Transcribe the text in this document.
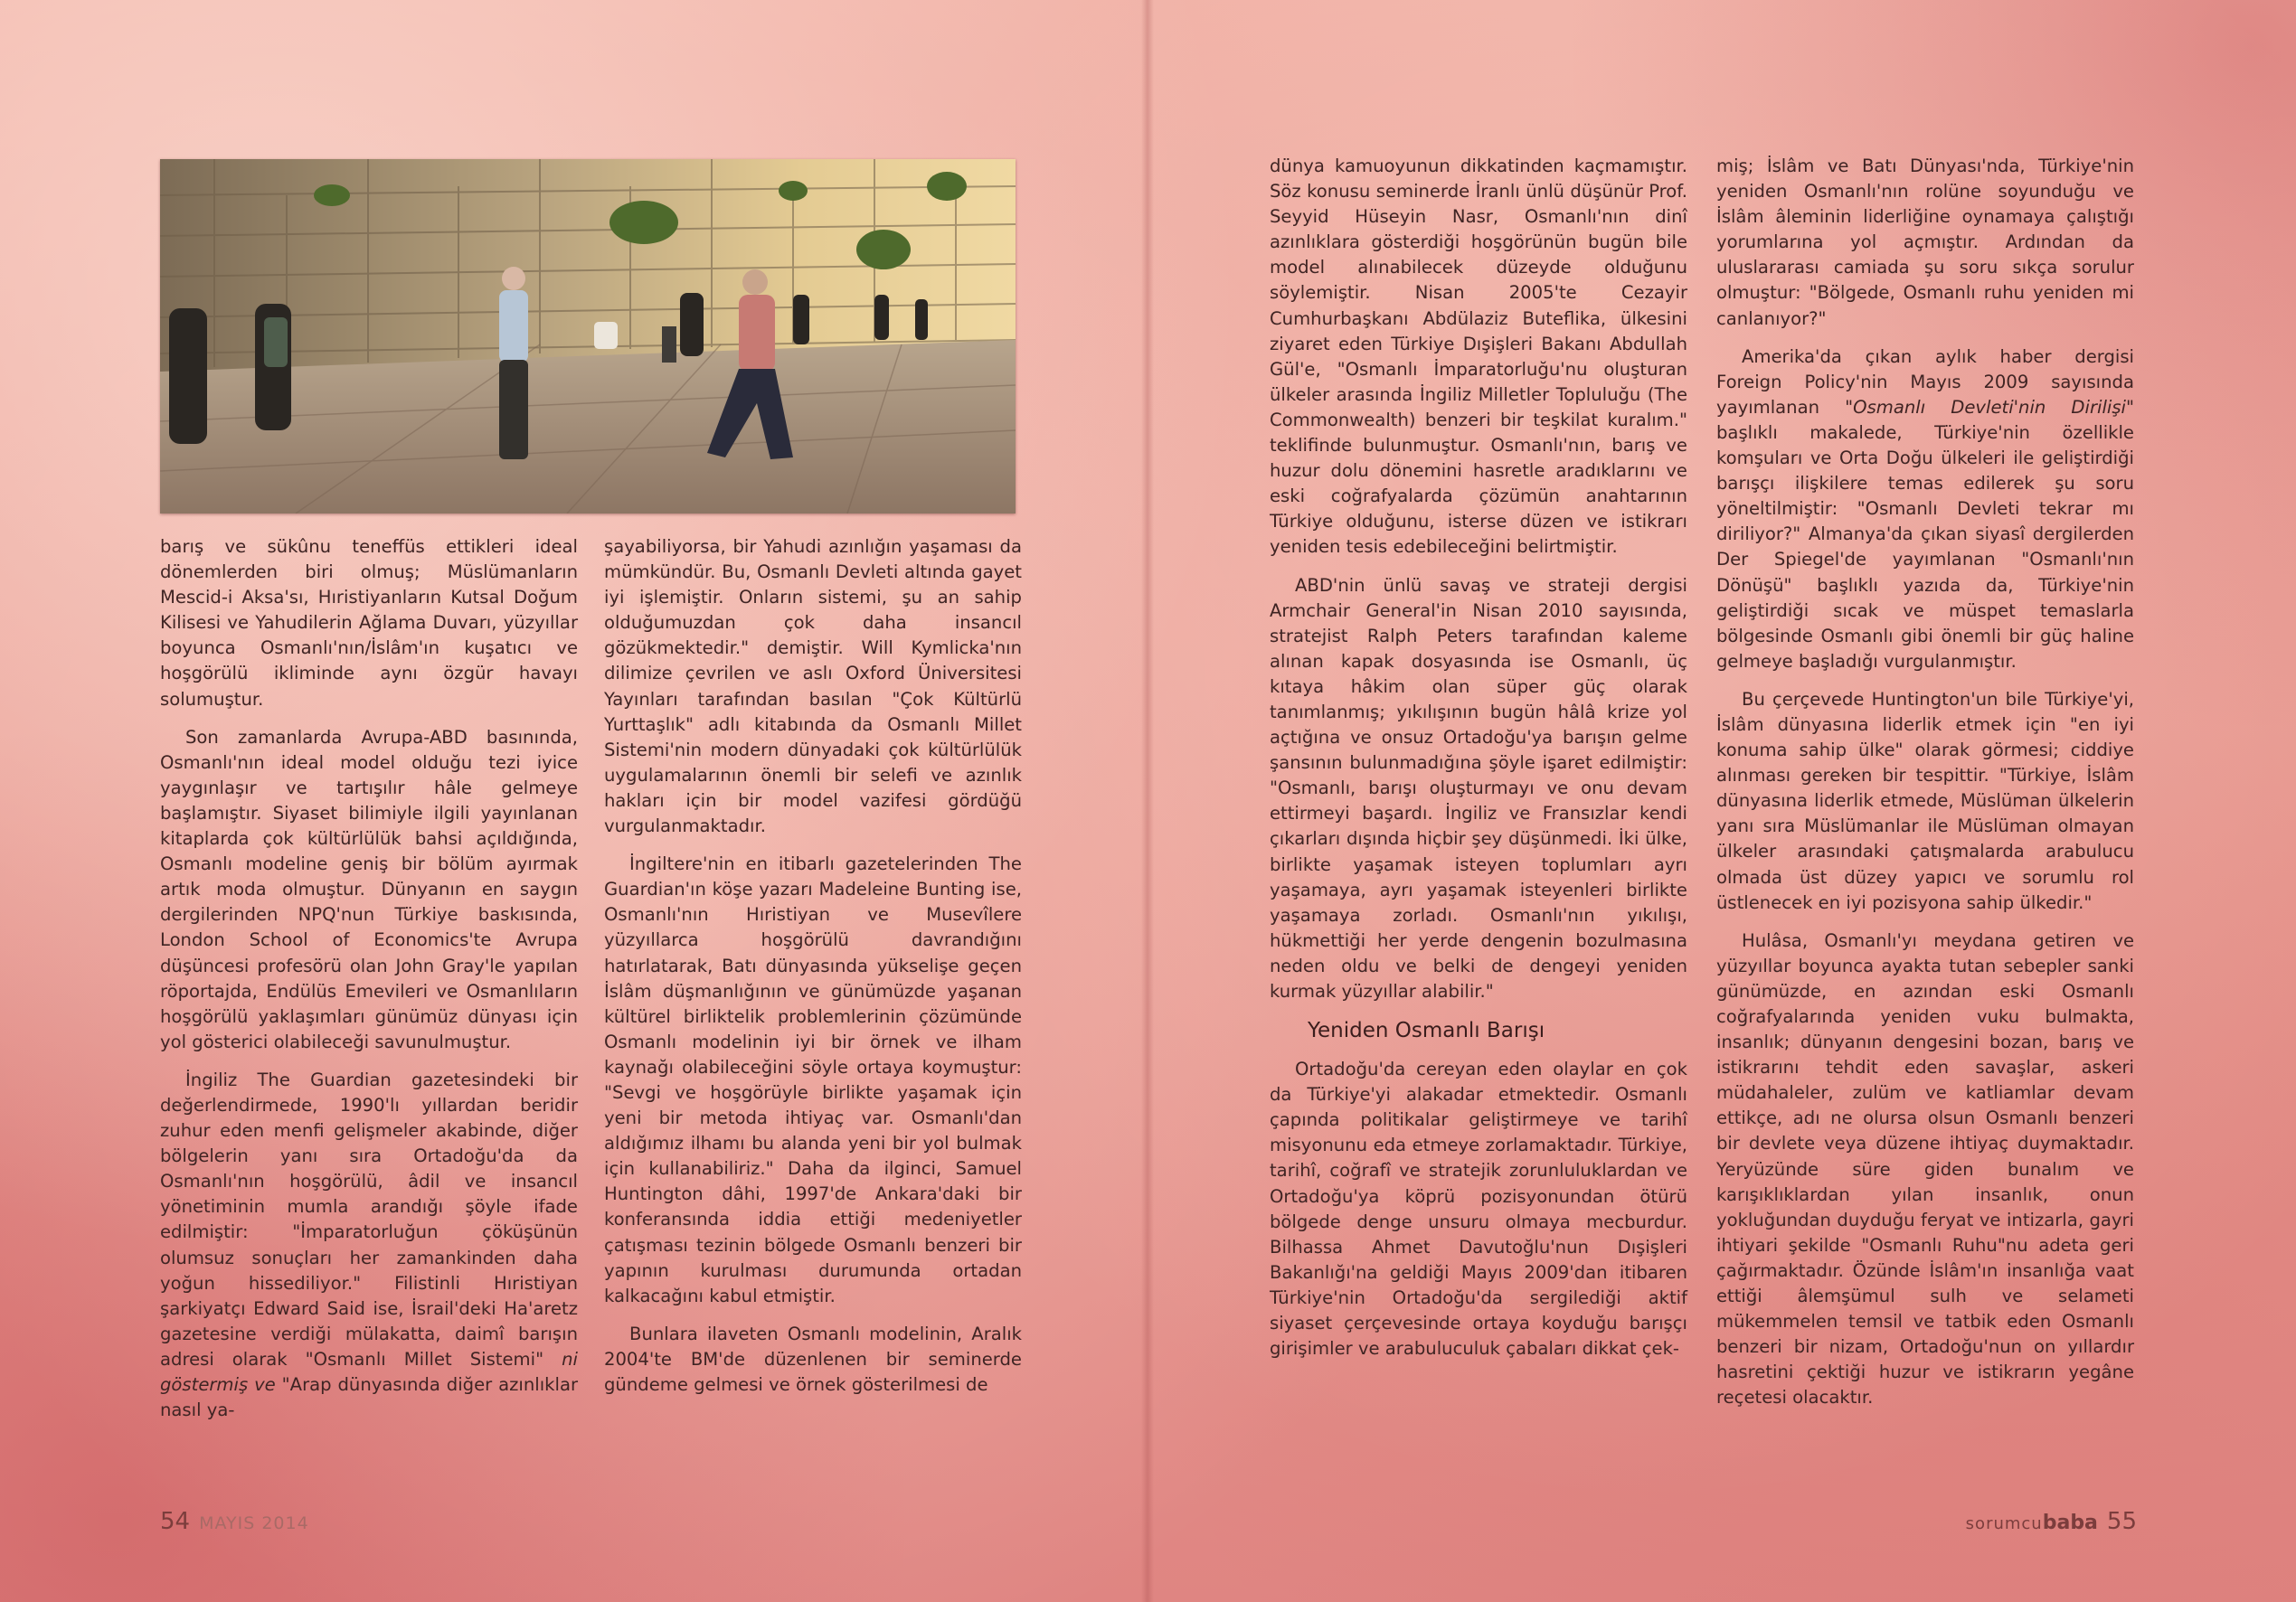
barış ve sükûnu teneffüs ettikleri ideal dönemlerden biri olmuş; Müslümanların Mescid-i Aksa'sı, Hıristiyanların Kutsal Doğum Kilisesi ve Yahudilerin Ağlama Duvarı, yüzyıllar boyunca Osmanlı'nın/İslâm'ın kuşatıcı ve hoşgörülü ikliminde aynı özgür havayı solumuştur.

Son zamanlarda Avrupa-ABD basınında, Osmanlı'nın ideal model olduğu tezi iyice yaygınlaşır ve tartışılır hâle gelmeye başlamıştır. Siyaset bilimiyle ilgili yayınlanan kitaplarda çok kültürlülük bahsi açıldığında, Osmanlı modeline geniş bir bölüm ayırmak artık moda olmuştur. Dünyanın en saygın dergilerinden NPQ'nun Türkiye baskısında, London School of Economics'te Avrupa düşüncesi profesörü olan John Gray'le yapılan röportajda, Endülüs Emevileri ve Osmanlıların hoşgörülü yaklaşımları günümüz dünyası için yol gösterici olabileceği savunulmuştur.

İngiliz The Guardian gazetesindeki bir değerlendirmede, 1990'lı yıllardan beridir zuhur eden menfi gelişmeler akabinde, diğer bölgelerin yanı sıra Ortadoğu'da da Osmanlı'nın hoşgörülü, âdil ve insancıl yönetiminin mumla arandığı şöyle ifade edilmiştir: "İmparatorluğun çöküşünün olumsuz sonuçları her zamankinden daha yoğun hissediliyor." Filistinli Hıristiyan şarkiyatçı Edward Said ise, İsrail'deki Ha'aretz gazetesine verdiği mülakatta, daimî barışın adresi olarak "Osmanlı Millet Sistemi" ni göstermiş ve "Arap dünyasında diğer azınlıklar nasıl ya-

şayabiliyorsa, bir Yahudi azınlığın yaşaması da mümkündür. Bu, Osmanlı Devleti altında gayet iyi işlemiştir. Onların sistemi, şu an sahip olduğumuzdan çok daha insancıl gözükmektedir." demiştir. Will Kymlicka'nın dilimize çevrilen ve aslı Oxford Üniversitesi Yayınları tarafından basılan "Çok Kültürlü Yurttaşlık" adlı kitabında da Osmanlı Millet Sistemi'nin modern dünyadaki çok kültürlülük uygulamalarının önemli bir selefi ve azınlık hakları için bir model vazifesi gördüğü vurgulanmaktadır.

İngiltere'nin en itibarlı gazetelerinden The Guardian'ın köşe yazarı Madeleine Bunting ise, Osmanlı'nın Hıristiyan ve Musevîlere yüzyıllarca hoşgörülü davrandığını hatırlatarak, Batı dünyasında yükselişe geçen İslâm düşmanlığının ve günümüzde yaşanan kültürel birliktelik problemlerinin çözümünde Osmanlı modelinin iyi bir örnek ve ilham kaynağı olabileceğini söyle ortaya koymuştur: "Sevgi ve hoşgörüyle birlikte yaşamak için yeni bir metoda ihtiyaç var. Osmanlı'dan aldığımız ilhamı bu alanda yeni bir yol bulmak için kullanabiliriz." Daha da ilginci, Samuel Huntington dâhi, 1997'de Ankara'daki bir konferansında iddia ettiği medeniyetler çatışması tezinin bölgede Osmanlı benzeri bir yapının kurulması durumunda ortadan kalkacağını kabul etmiştir.

Bunlara ilaveten Osmanlı modelinin, Aralık 2004'te BM'de düzenlenen bir seminerde gündeme gelmesi ve örnek gösterilmesi de

dünya kamuoyunun dikkatinden kaçmamıştır. Söz konusu seminerde İranlı ünlü düşünür Prof. Seyyid Hüseyin Nasr, Osmanlı'nın dinî azınlıklara gösterdiği hoşgörünün bugün bile model alınabilecek düzeyde olduğunu söylemiştir. Nisan 2005'te Cezayir Cumhurbaşkanı Abdülaziz Buteflika, ülkesini ziyaret eden Türkiye Dışişleri Bakanı Abdullah Gül'e, "Osmanlı İmparatorluğu'nu oluşturan ülkeler arasında İngiliz Milletler Topluluğu (The Commonwealth) benzeri bir teşkilat kuralım." teklifinde bulunmuştur. Osmanlı'nın, barış ve huzur dolu dönemini hasretle aradıklarını ve eski coğrafyalarda çözümün anahtarının Türkiye olduğunu, isterse düzen ve istikrarı yeniden tesis edebileceğini belirtmiştir.

ABD'nin ünlü savaş ve strateji dergisi Armchair General'in Nisan 2010 sayısında, stratejist Ralph Peters tarafından kaleme alınan kapak dosyasında ise Osmanlı, üç kıtaya hâkim olan süper güç olarak tanımlanmış; yıkılışının bugün hâlâ krize yol açtığına ve onsuz Ortadoğu'ya barışın gelme şansının bulunmadığına şöyle işaret edilmiştir: "Osmanlı, barışı oluşturmayı ve onu devam ettirmeyi başardı. İngiliz ve Fransızlar kendi çıkarları dışında hiçbir şey düşünmedi. İki ülke, birlikte yaşamak isteyen toplumları ayrı yaşamaya, ayrı yaşamak isteyenleri birlikte yaşamaya zorladı. Osmanlı'nın yıkılışı, hükmettiği her yerde dengenin bozulmasına neden oldu ve belki de dengeyi yeniden kurmak yüzyıllar alabilir."

Yeniden Osmanlı Barışı

Ortadoğu'da cereyan eden olaylar en çok da Türkiye'yi alakadar etmektedir. Osmanlı çapında politikalar geliştirmeye ve tarihî misyonunu eda etmeye zorlamaktadır. Türkiye, tarihî, coğrafî ve stratejik zorunluluklardan ve Ortadoğu'ya köprü pozisyonundan ötürü bölgede denge unsuru olmaya mecburdur. Bilhassa Ahmet Davutoğlu'nun Dışişleri Bakanlığı'na geldiği Mayıs 2009'dan itibaren Türkiye'nin Ortadoğu'da sergilediği aktif siyaset çerçevesinde ortaya koyduğu barışçı girişimler ve arabuluculuk çabaları dikkat çek-

miş; İslâm ve Batı Dünyası'nda, Türkiye'nin yeniden Osmanlı'nın rolüne soyunduğu ve İslâm âleminin liderliğine oynamaya çalıştığı yorumlarına yol açmıştır. Ardından da uluslararası camiada şu soru sıkça sorulur olmuştur: "Bölgede, Osmanlı ruhu yeniden mi canlanıyor?"

Amerika'da çıkan aylık haber dergisi Foreign Policy'nin Mayıs 2009 sayısında yayımlanan "Osmanlı Devleti'nin Dirilişi" başlıklı makalede, Türkiye'nin özellikle komşuları ve Orta Doğu ülkeleri ile geliştirdiği barışçı ilişkilere temas edilerek şu soru yöneltilmiştir: "Osmanlı Devleti tekrar mı diriliyor?" Almanya'da çıkan siyasî dergilerden Der Spiegel'de yayımlanan "Osmanlı'nın Dönüşü" başlıklı yazıda da, Türkiye'nin geliştirdiği sıcak ve müspet temaslarla bölgesinde Osmanlı gibi önemli bir güç haline gelmeye başladığı vurgulanmıştır.

Bu çerçevede Huntington'un bile Türkiye'yi, İslâm dünyasına liderlik etmek için "en iyi konuma sahip ülke" olarak görmesi; ciddiye alınması gereken bir tespittir. "Türkiye, İslâm dünyasına liderlik etmede, Müslüman ülkelerin yanı sıra Müslümanlar ile Müslüman olmayan ülkeler arasındaki çatışmalarda arabulucu olmada üst düzey yapıcı ve sorumlu rol üstlenecek en iyi pozisyona sahip ülkedir."

Hulâsa, Osmanlı'yı meydana getiren ve yüzyıllar boyunca ayakta tutan sebepler sanki günümüzde, en azından eski Osmanlı coğrafyalarında yeniden vuku bulmakta, insanlık; dünyanın dengesini bozan, barış ve istikrarını tehdit eden savaşlar, askeri müdahaleler, zulüm ve katliamlar devam ettikçe, adı ne olursa olsun Osmanlı benzeri bir devlete veya düzene ihtiyaç duymaktadır. Yeryüzünde süre giden bunalım ve karışıklıklardan yılan insanlık, onun yokluğundan duyduğu feryat ve intizarla, gayri ihtiyari şekilde "Osmanlı Ruhu"nu adeta geri çağırmaktadır. Özünde İslâm'ın insanlığa vaat ettiği âlemşümul sulh ve selameti mükemmelen temsil ve tatbik eden Osmanlı benzeri bir nizam, Ortadoğu'nun on yıllardır hasretini çektiği huzur ve istikrarın yegâne reçetesi olacaktır.

54 MAYIS 2014	sorumcubaba 55
